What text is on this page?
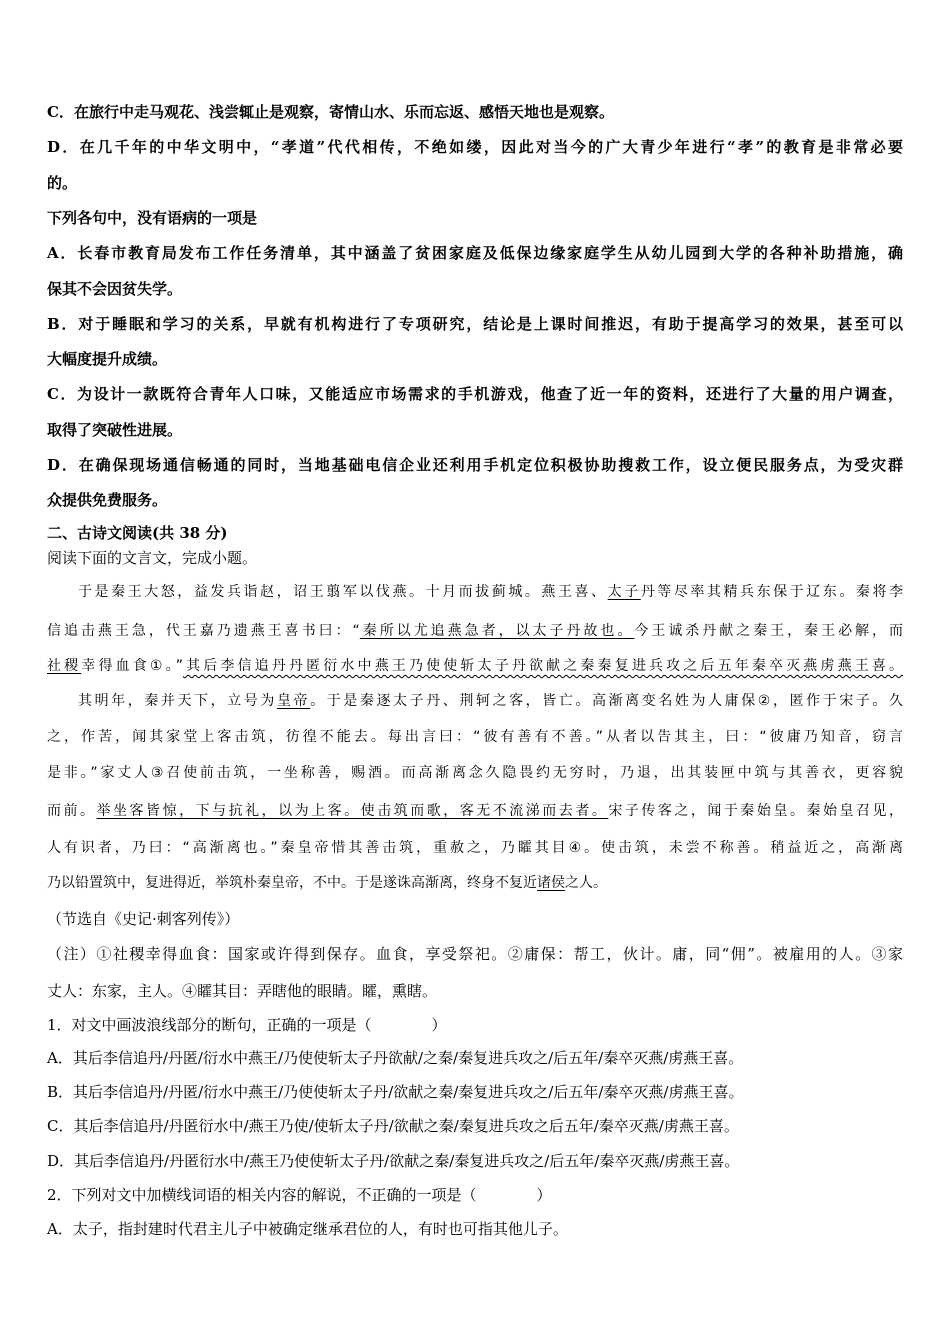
C．在旅行中走马观花、浅尝辄止是观察，寄情山水、乐而忘返、感悟天地也是观察。
D．在几千年的中华文明中，“孝道”代代相传，不绝如缕，因此对当今的广大青少年进行“孝”的教育是非常必要
的。
下列各句中，没有语病的一项是
A．长春市教育局发布工作任务清单，其中涵盖了贫困家庭及低保边缘家庭学生从幼儿园到大学的各种补助措施，确
保其不会因贫失学。
B．对于睡眠和学习的关系，早就有机构进行了专项研究，结论是上课时间推迟，有助于提高学习的效果，甚至可以
大幅度提升成绩。
C．为设计一款既符合青年人口味，又能适应市场需求的手机游戏，他查了近一年的资料，还进行了大量的用户调查，
取得了突破性进展。
D．在确保现场通信畅通的同时，当地基础电信企业还利用手机定位积极协助搜救工作，设立便民服务点，为受灾群
众提供免费服务。
二、古诗文阅读(共 38 分)
阅读下面的文言文，完成小题。
于是秦王大怒，益发兵诣赵，诏王翦军以伐燕。十月而拔蓟城。燕王喜、太子丹等尽率其精兵东保于辽东。秦将李
信追击燕王急，代王嘉乃遗燕王喜书曰：“秦所以尤追燕急者，以太子丹故也。今王诚杀丹献之秦王，秦王必解，而
社稷幸得血食①。”其后李信追丹丹匿衍水中燕王乃使使斩太子丹欲献之秦秦复进兵攻之后五年秦卒灭燕虏燕王喜。
其明年，秦并天下，立号为皇帝。于是秦逐太子丹、荆轲之客，皆亡。高渐离变名姓为人庸保②，匿作于宋子。久
之，作苦，闻其家堂上客击筑，彷徨不能去。每出言曰：“彼有善有不善。”从者以告其主，曰：“彼庸乃知音，窃言
是非。”家丈人③召使前击筑，一坐称善，赐酒。而高渐离念久隐畏约无穷时，乃退，出其装匣中筑与其善衣，更容貌
而前。举坐客皆惊，下与抗礼，以为上客。使击筑而歌，客无不流涕而去者。宋子传客之，闻于秦始皇。秦始皇召见，
人有识者，乃曰：“高渐离也。”秦皇帝惜其善击筑，重赦之，乃矐其目④。使击筑，未尝不称善。稍益近之，高渐离
乃以铅置筑中，复进得近，举筑朴秦皇帝，不中。于是遂诛高渐离，终身不复近诸侯之人。
（节选自《史记·刺客列传》）
（注）①社稷幸得血食：国家或许得到保存。血食，享受祭祀。②庸保：帮工，伙计。庸，同“佣”。被雇用的人。③家
丈人：东家，主人。④矐其目：弄瞎他的眼睛。矐，熏瞎。
1．对文中画波浪线部分的断句，正确的一项是（	）
A．其后李信追丹/丹匿/衍水中燕王/乃使使斩太子丹欲献/之秦/秦复进兵攻之/后五年/秦卒灭燕/虏燕王喜。
B．其后李信追丹/丹匿/衍水中燕王/乃使使斩太子丹/欲献之秦/秦复进兵攻之/后五年/秦卒灭燕/虏燕王喜。
C．其后李信追丹/丹匿衍水中/燕王乃使/使斩太子丹/欲献之秦/秦复进兵攻之后五年/秦卒灭燕/虏燕王喜。
D．其后李信追丹/丹匿衍水中/燕王乃使使斩太子丹/欲献之秦/秦复进兵攻之/后五年/秦卒灭燕/虏燕王喜。
2．下列对文中加横线词语的相关内容的解说，不正确的一项是（	）
A．太子，指封建时代君主儿子中被确定继承君位的人，有时也可指其他儿子。
